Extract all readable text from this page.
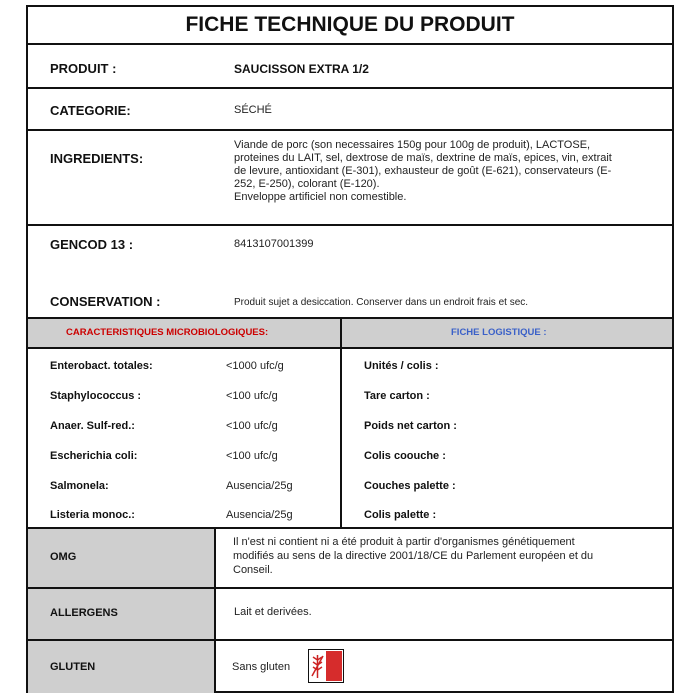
FICHE TECHNIQUE DU PRODUIT
PRODUIT :	SAUCISSON EXTRA 1/2
CATEGORIE:	SÉCHÉ
INGREDIENTS:
Viande de porc (son necessaires 150g pour 100g de produit), LACTOSE,
proteines du LAIT, sel, dextrose de maïs, dextrine de maïs, epices, vin, extrait
de levure, antioxidant (E-301), exhausteur de goût (E-621), conservateurs (E-
252, E-250), colorant (E-120).
Enveloppe artificiel non comestible.
GENCOD 13 :	8413107001399
CONSERVATION :	Produit sujet a desiccation. Conserver dans un endroit frais et sec.
CARACTERISTIQUES MICROBIOLOGIQUES:	FICHE LOGISTIQUE :
Enterobact. totales:	<1000 ufc/g
Staphylococcus :	<100 ufc/g
Anaer. Sulf-red.:	<100 ufc/g
Escherichia coli:	<100 ufc/g
Salmonela:	Ausencia/25g
Listeria monoc.:	Ausencia/25g
Unités / colis :
Tare carton :
Poids net carton :
Colis coouche :
Couches palette :
Colis palette :
OMG
Il n'est ni contient ni a été produit à partir d'organismes génétiquement
modifiés au sens de la directive 2001/18/CE du Parlement européen et du
Conseil.
ALLERGENS	Lait et derivées.
GLUTEN	Sans gluten
